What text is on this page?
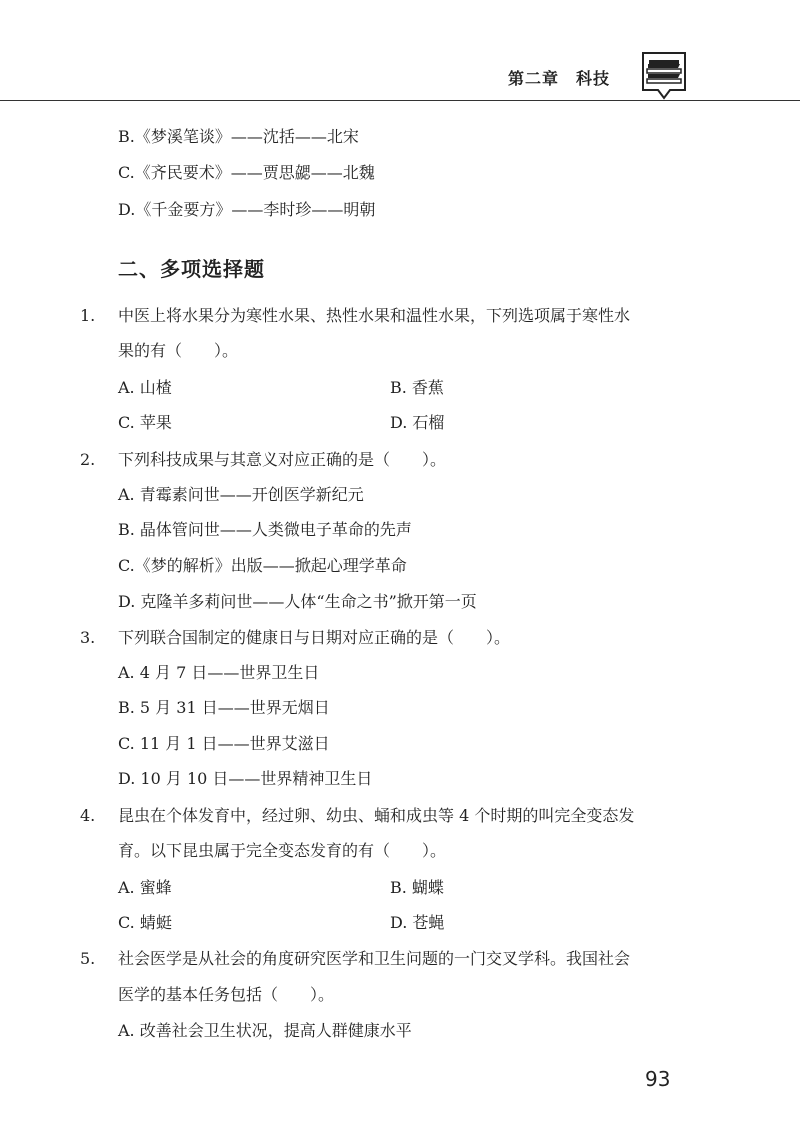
第二章　 科技
B.《梦溪笔谈》——沈括——北宋
C.《齐民要术》——贾思勰——北魏
D.《千金要方》——李时珍——明朝
二、多项选择题
1. 中医上将水果分为寒性水果、热性水果和温性水果，下列选项属于寒性水
果的有（　　）。
A. 山楂	B. 香蕉
C. 苹果	D. 石榴
2. 下列科技成果与其意义对应正确的是（　　）。
A. 青霉素问世——开创医学新纪元
B. 晶体管问世——人类微电子革命的先声
C.《梦的解析》出版——掀起心理学革命
D. 克隆羊多莉问世——人体“生命之书”掀开第一页
3. 下列联合国制定的健康日与日期对应正确的是（　　）。
A. 4 月 7 日——世界卫生日
B. 5 月 31 日——世界无烟日
C. 11 月 1 日——世界艾滋日
D. 10 月 10 日——世界精神卫生日
4. 昆虫在个体发育中，经过卵、幼虫、蛹和成虫等 4 个时期的叫完全变态发
育。以下昆虫属于完全变态发育的有（　　）。
A. 蜜蜂	B. 蝴蝶
C. 蜻蜓	D. 苍蝇
5. 社会医学是从社会的角度研究医学和卫生问题的一门交叉学科。我国社会
医学的基本任务包括（　　）。
A. 改善社会卫生状况，提高人群健康水平
93
